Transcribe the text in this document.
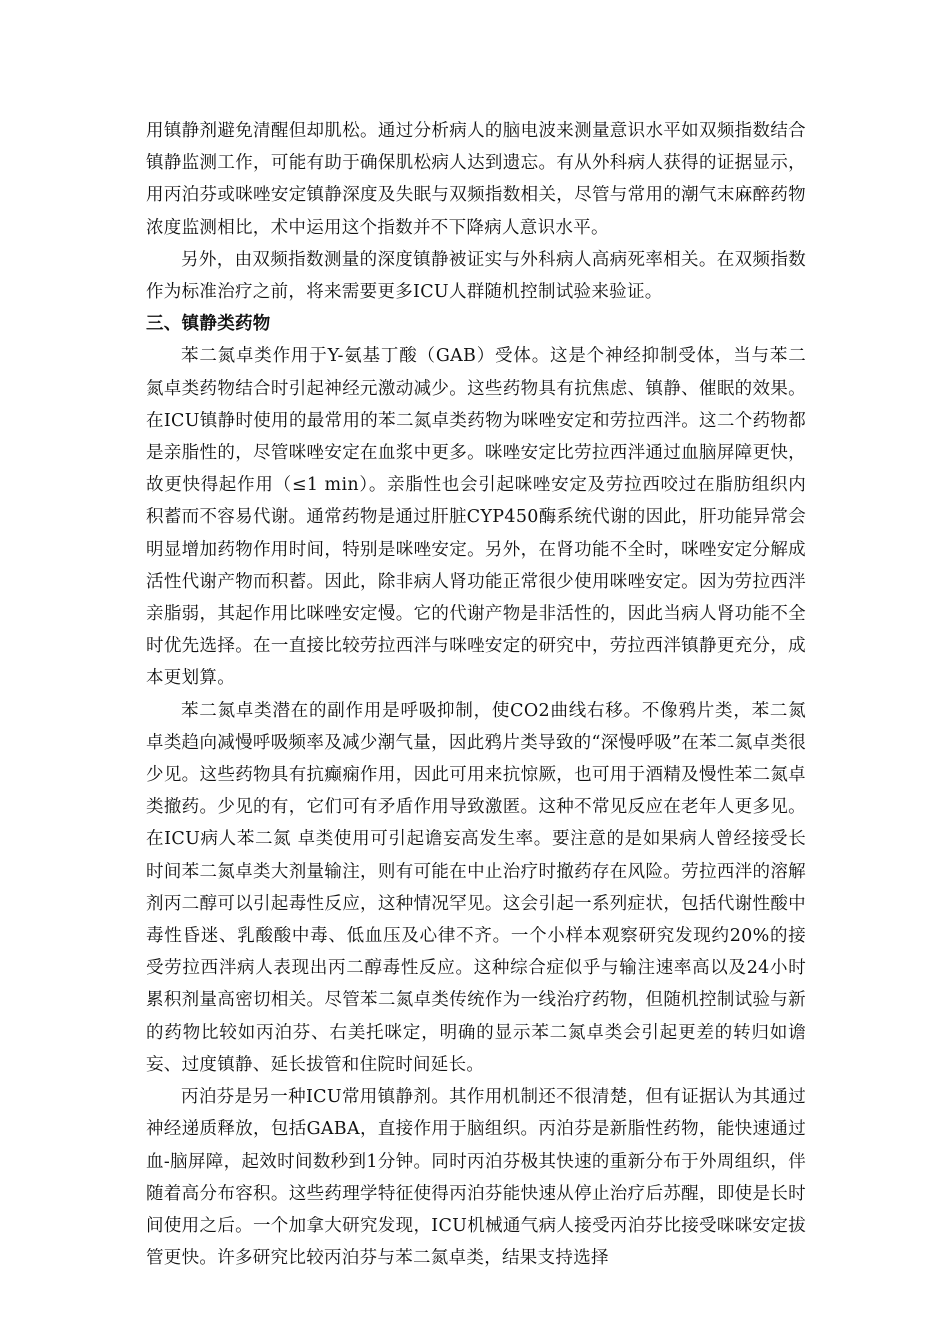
用镇静剂避免清醒但却肌松。通过分析病人的脑电波来测量意识水平如双频指数结合镇静监测工作，可能有助于确保肌松病人达到遗忘。有从外科病人获得的证据显示，用丙泊芬或咪唑安定镇静深度及失眠与双频指数相关，尽管与常用的潮气末麻醉药物浓度监测相比，术中运用这个指数并不下降病人意识水平。

另外，由双频指数测量的深度镇静被证实与外科病人高病死率相关。在双频指数作为标准治疗之前，将来需要更多ICU人群随机控制试验来验证。

三、镇静类药物

苯二氮卓类作用于Y-氨基丁酸（GAB）受体。这是个神经抑制受体，当与苯二氮卓类药物结合时引起神经元激动减少。这些药物具有抗焦虑、镇静、催眠的效果。在ICU镇静时使用的最常用的苯二氮卓类药物为咪唑安定和劳拉西泮。这二个药物都是亲脂性的，尽管咪唑安定在血浆中更多。咪唑安定比劳拉西泮通过血脑屏障更快，故更快得起作用（≤1 min）。亲脂性也会引起咪唑安定及劳拉西咬过在脂肪组织内积蓄而不容易代谢。通常药物是通过肝脏CYP450酶系统代谢的因此，肝功能异常会明显增加药物作用时间，特别是咪唑安定。另外，在肾功能不全时，咪唑安定分解成活性代谢产物而积蓄。因此，除非病人肾功能正常很少使用咪唑安定。因为劳拉西泮亲脂弱，其起作用比咪唑安定慢。它的代谢产物是非活性的，因此当病人肾功能不全时优先选择。在一直接比较劳拉西泮与咪唑安定的研究中，劳拉西泮镇静更充分，成本更划算。

苯二氮卓类潜在的副作用是呼吸抑制，使CO2曲线右移。不像鸦片类，苯二氮卓类趋向减慢呼吸频率及减少潮气量，因此鸦片类导致的“深慢呼吸”在苯二氮卓类很少见。这些药物具有抗癫痫作用，因此可用来抗惊厥，也可用于酒精及慢性苯二氮卓类撤药。少见的有，它们可有矛盾作用导致激匿。这种不常见反应在老年人更多见。在ICU病人苯二氮 卓类使用可引起谵妄高发生率。要注意的是如果病人曾经接受长时间苯二氮卓类大剂量输注，则有可能在中止治疗时撤药存在风险。劳拉西泮的溶解剂丙二醇可以引起毒性反应，这种情况罕见。这会引起一系列症状，包括代谢性酸中毒性昏迷、乳酸酸中毒、低血压及心律不齐。一个小样本观察研究发现约20%的接受劳拉西泮病人表现出丙二醇毒性反应。这种综合症似乎与输注速率高以及24小时累积剂量高密切相关。尽管苯二氮卓类传统作为一线治疗药物，但随机控制试验与新的药物比较如丙泊芬、右美托咪定，明确的显示苯二氮卓类会引起更差的转归如谵妄、过度镇静、延长拔管和住院时间延长。

丙泊芬是另一种ICU常用镇静剂。其作用机制还不很清楚，但有证据认为其通过神经递质释放，包括GABA，直接作用于脑组织。丙泊芬是新脂性药物，能快速通过血-脑屏障，起效时间数秒到1分钟。同时丙泊芬极其快速的重新分布于外周组织，伴随着高分布容积。这些药理学特征使得丙泊芬能快速从停止治疗后苏醒，即使是长时间使用之后。一个加拿大研究发现，ICU机械通气病人接受丙泊芬比接受咪咪安定拔管更快。许多研究比较丙泊芬与苯二氮卓类，结果支持选择
